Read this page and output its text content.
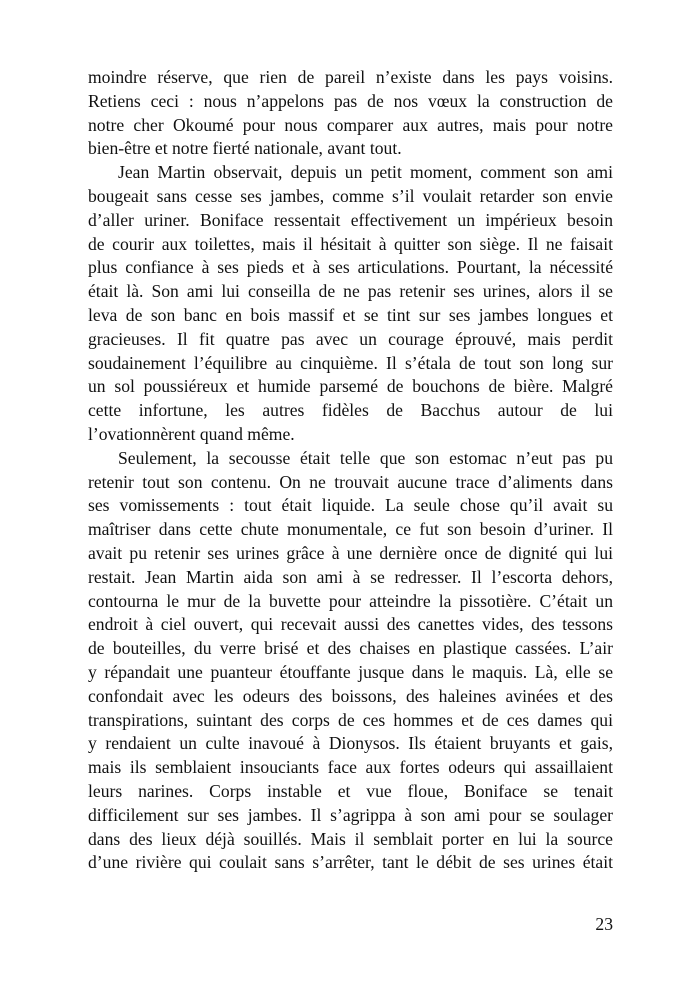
moindre réserve, que rien de pareil n’existe dans les pays voisins.
Retiens ceci : nous n’appelons pas de nos vœux la construction de
notre cher Okoumé pour nous comparer aux autres, mais pour notre
bien-être et notre fierté nationale, avant tout.
Jean Martin observait, depuis un petit moment, comment son ami
bougeait sans cesse ses jambes, comme s’il voulait retarder son envie
d’aller uriner. Boniface ressentait effectivement un impérieux besoin
de courir aux toilettes, mais il hésitait à quitter son siège. Il ne faisait
plus confiance à ses pieds et à ses articulations. Pourtant, la nécessité
était là. Son ami lui conseilla de ne pas retenir ses urines, alors il se
leva de son banc en bois massif et se tint sur ses jambes longues et
gracieuses. Il fit quatre pas avec un courage éprouvé, mais perdit
soudainement l’équilibre au cinquième. Il s’étala de tout son long sur
un sol poussiéreux et humide parsemé de bouchons de bière. Malgré
cette infortune, les autres fidèles de Bacchus autour de lui
l’ovationnèrent quand même.
Seulement, la secousse était telle que son estomac n’eut pas pu
retenir tout son contenu. On ne trouvait aucune trace d’aliments dans
ses vomissements : tout était liquide. La seule chose qu’il avait su
maîtriser dans cette chute monumentale, ce fut son besoin d’uriner. Il
avait pu retenir ses urines grâce à une dernière once de dignité qui lui
restait. Jean Martin aida son ami à se redresser. Il l’escorta dehors,
contourna le mur de la buvette pour atteindre la pissotière. C’était un
endroit à ciel ouvert, qui recevait aussi des canettes vides, des tessons
de bouteilles, du verre brisé et des chaises en plastique cassées. L’air
y répandait une puanteur étouffante jusque dans le maquis. Là, elle se
confondait avec les odeurs des boissons, des haleines avinées et des
transpirations, suintant des corps de ces hommes et de ces dames qui
y rendaient un culte inavoué à Dionysos. Ils étaient bruyants et gais,
mais ils semblaient insouciants face aux fortes odeurs qui assaillaient
leurs narines. Corps instable et vue floue, Boniface se tenait
difficilement sur ses jambes. Il s’agrippa à son ami pour se soulager
dans des lieux déjà souillés. Mais il semblait porter en lui la source
d’une rivière qui coulait sans s’arrêter, tant le débit de ses urines était
23
